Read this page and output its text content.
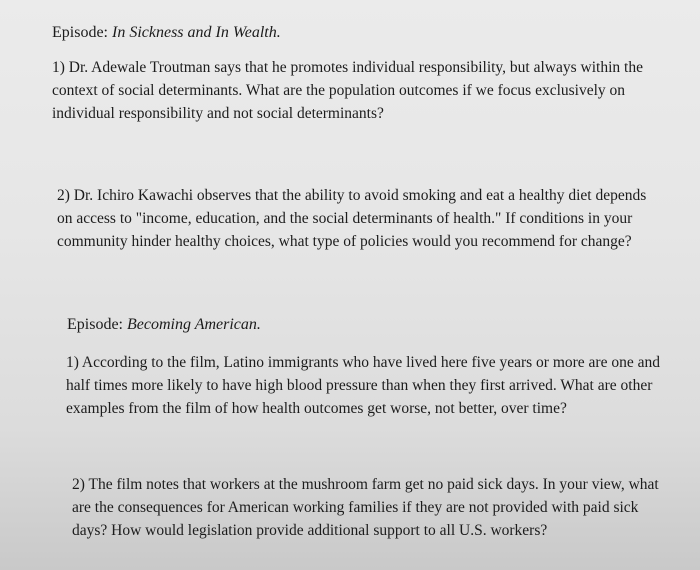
Episode: In Sickness and In Wealth.
1) Dr. Adewale Troutman says that he promotes individual responsibility, but always within the
context of social determinants. What are the population outcomes if we focus exclusively on
individual responsibility and not social determinants?
2) Dr. Ichiro Kawachi observes that the ability to avoid smoking and eat a healthy diet depends
on access to "income, education, and the social determinants of health." If conditions in your
community hinder healthy choices, what type of policies would you recommend for change?
Episode: Becoming American.
1) According to the film, Latino immigrants who have lived here five years or more are one and
half times more likely to have high blood pressure than when they first arrived. What are other
examples from the film of how health outcomes get worse, not better, over time?
2) The film notes that workers at the mushroom farm get no paid sick days. In your view, what
are the consequences for American working families if they are not provided with paid sick
days? How would legislation provide additional support to all U.S. workers?
